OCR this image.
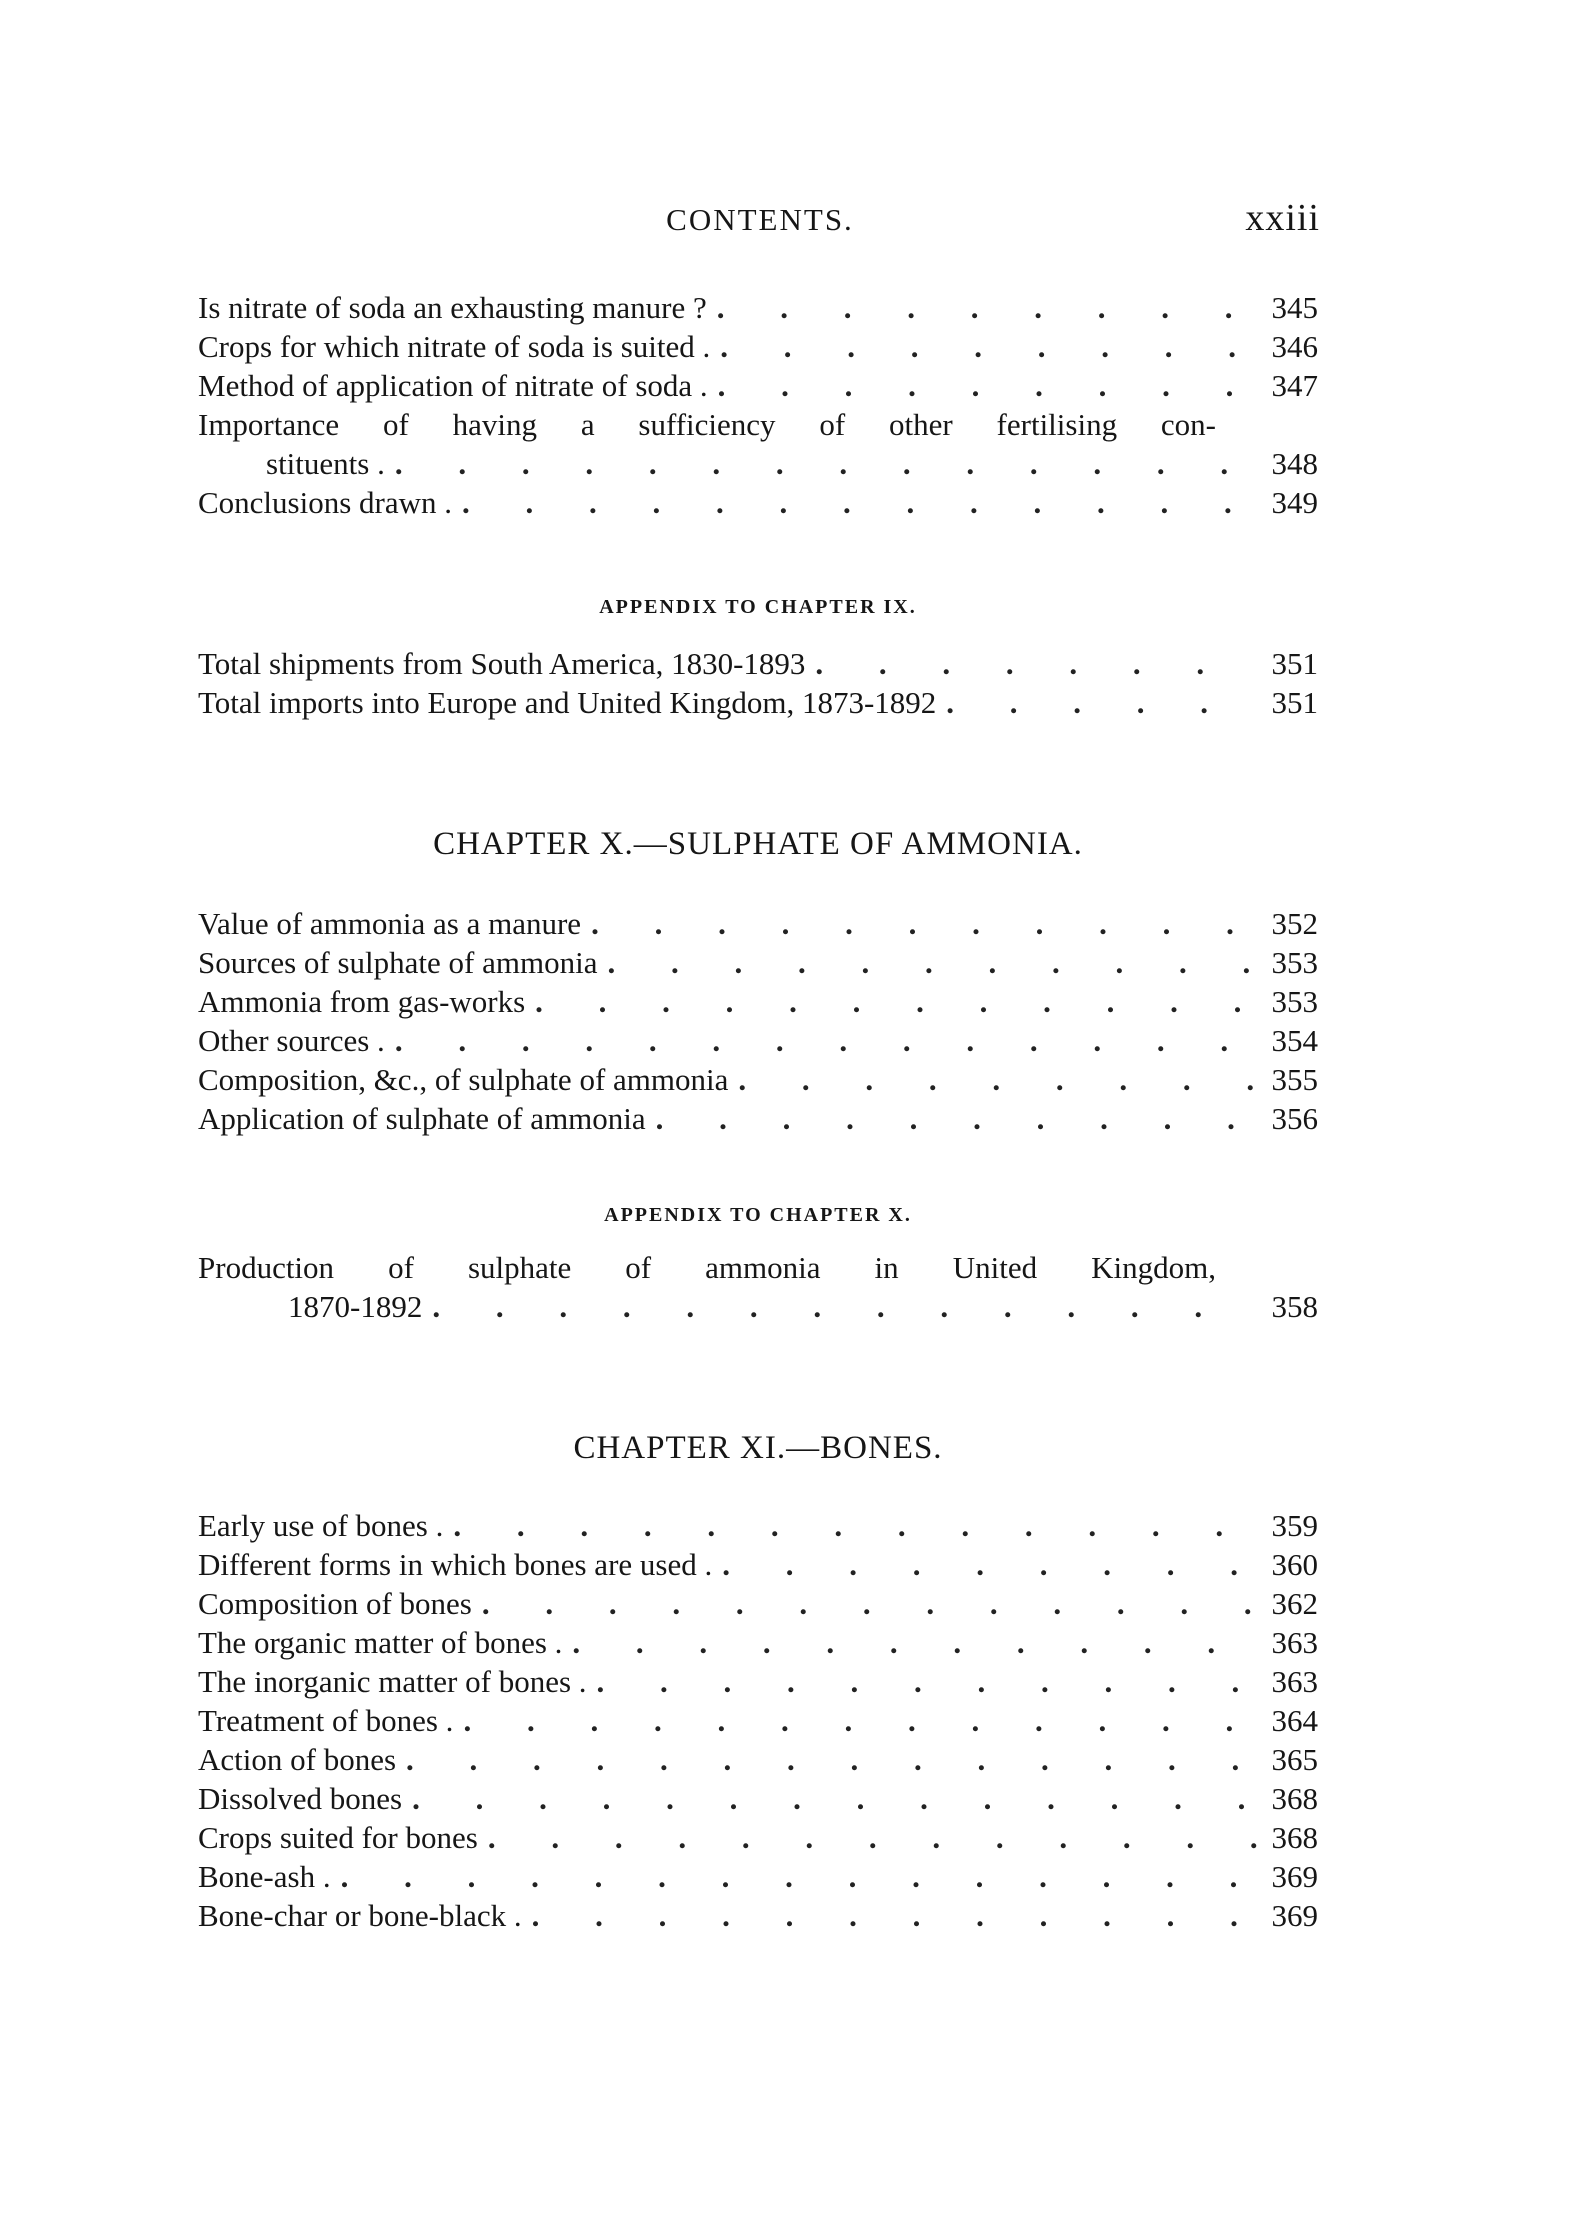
CONTENTS.	xxiii
Is nitrate of soda an exhausting manure ? . . .	345
Crops for which nitrate of soda is suited . . . .	346
Method of application of nitrate of soda . . . .	347
Importance of having a sufficiency of other fertilising con-
stituents . . . .	348
Conclusions drawn . . . .	349
APPENDIX TO CHAPTER IX.
Total shipments from South America, 1830-1893 . . .	351
Total imports into Europe and United Kingdom, 1873-1892 . . .	351
CHAPTER X.—SULPHATE OF AMMONIA.
Value of ammonia as a manure . . .	352
Sources of sulphate of ammonia . . .	353
Ammonia from gas-works . . .	353
Other sources . . . .	354
Composition, &c., of sulphate of ammonia . . .	355
Application of sulphate of ammonia . . .	356
APPENDIX TO CHAPTER X.
Production of sulphate of ammonia in United Kingdom,
1870-1892 . . .	358
CHAPTER XI.—BONES.
Early use of bones . . . .	359
Different forms in which bones are used . . . .	360
Composition of bones . . .	362
The organic matter of bones . . . .	363
The inorganic matter of bones . . . .	363
Treatment of bones . . . .	364
Action of bones . . .	365
Dissolved bones . . .	368
Crops suited for bones . . .	368
Bone-ash . . . .	369
Bone-char or bone-black . . . .	369
